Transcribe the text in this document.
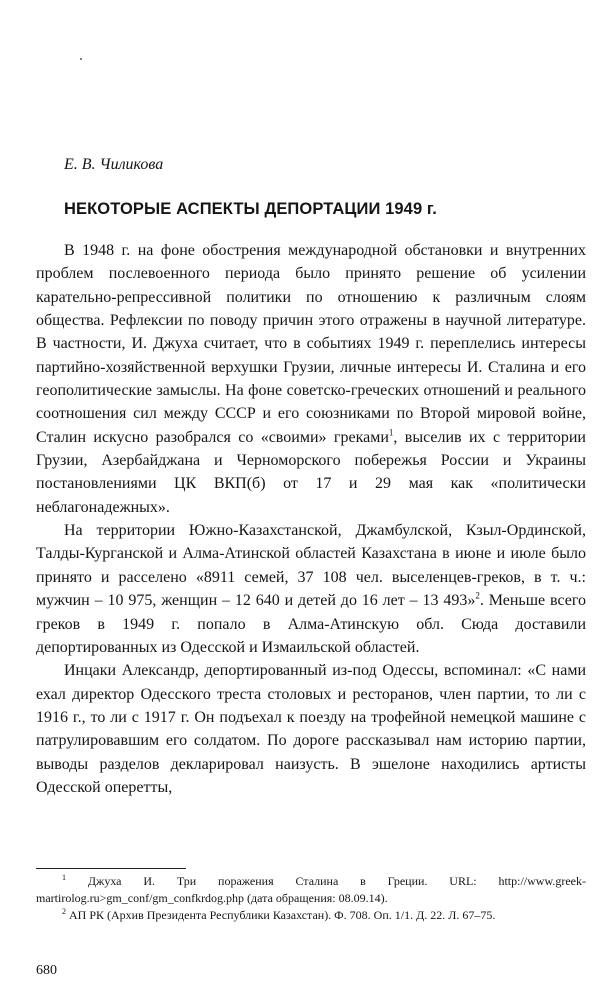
Е. В. Чиликова
НЕКОТОРЫЕ АСПЕКТЫ ДЕПОРТАЦИИ 1949 г.

В 1948 г. на фоне обострения международной обстановки и внутренних проблем послевоенного периода было принято решение об усилении карательно-репрессивной политики по отношению к различным слоям общества. Рефлексии по поводу причин этого отражены в научной литературе. В частности, И. Джуха считает, что в событиях 1949 г. переплелись интересы партийно-хозяйственной верхушки Грузии, личные интересы И. Сталина и его геополитические замыслы. На фоне советско-греческих отношений и реального соотношения сил между СССР и его союзниками по Второй мировой войне, Сталин искусно разобрался со «своими» греками$^1$, выселив их с территории Грузии, Азербайджана и Черноморского побережья России и Украины постановлениями ЦК ВКП(б) от 17 и 29 мая как «политически неблагонадежных».

На территории Южно-Казахстанской, Джамбулской, Кзыл-Ординской, Талды-Курганской и Алма-Атинской областей Казахстана в июне и июле было принято и расселено «8911 семей, 37 108 чел. выселенцев-греков, в т. ч.: мужчин – 10 975, женщин – 12 640 и детей до 16 лет – 13 493»$^2$. Меньше всего греков в 1949 г. попало в Алма-Атинскую обл. Сюда доставили депортированных из Одесской и Измаильской областей.

Инцаки Александр, депортированный из-под Одессы, вспоминал: «С нами ехал директор Одесского треста столовых и ресторанов, член партии, то ли с 1916 г., то ли с 1917 г. Он подъехал к поезду на трофейной немецкой машине с патрулировавшим его солдатом. По дороге рассказывал нам историю партии, выводы разделов декларировал наизусть. В эшелоне находились артисты Одесской оперетты,

$^1$ Джуха И. Три поражения Сталина в Греции. URL: http://www.greek-martirolog.ru>gm_conf/gm_confkrdog.php (дата обращения: 08.09.14).

$^2$ АП РК (Архив Президента Республики Казахстан). Ф. 708. Оп. 1/1. Д. 22. Л. 67–75.

680
